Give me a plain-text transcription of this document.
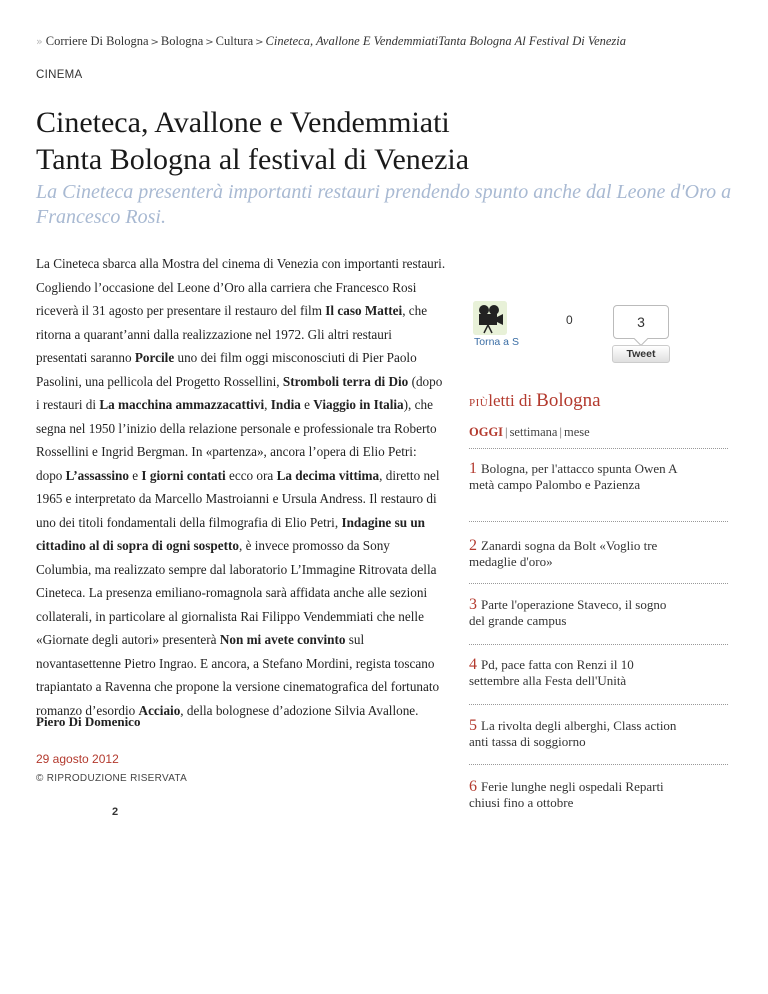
» Corriere Di Bologna > Bologna > Cultura > Cineteca, Avallone E VendemmiatiTanta Bologna Al Festival Di Venezia
CINEMA
Cineteca, Avallone e Vendemmiati
Tanta Bologna al festival di Venezia

La Cineteca presenterà importanti restauri prendendo spunto anche dal Leone d'Oro a Francesco Rosi.

La Cineteca sbarca alla Mostra del cinema di Venezia con importanti restauri. Cogliendo l’occasione del Leone d’Oro alla carriera che Francesco Rosi riceverà il 31 agosto per presentare il restauro del film Il caso Mattei, che ritorna a quarant’anni dalla realizzazione nel 1972. Gli altri restauri presentati saranno Porcile uno dei film oggi misconosciuti di Pier Paolo Pasolini, una pellicola del Progetto Rossellini, Stromboli terra di Dio (dopo i restauri di La macchina ammazzacattivi, India e Viaggio in Italia), che segna nel 1950 l’inizio della relazione personale e professionale tra Roberto Rossellini e Ingrid Bergman. In «partenza», ancora l’opera di Elio Petri: dopo L’assassino e I giorni contati ecco ora La decima vittima, diretto nel 1965 e interpretato da Marcello Mastroianni e Ursula Andress. Il restauro di uno dei titoli fondamentali della filmografia di Elio Petri, Indagine su un cittadino al di sopra di ogni sospetto, è invece promosso da Sony Columbia, ma realizzato sempre dal laboratorio L’Immagine Ritrovata della Cineteca. La presenza emiliano-romagnola sarà affidata anche alle sezioni collaterali, in particolare al giornalista Rai Filippo Vendemmiati che nelle «Giornate degli autori» presenterà Non mi avete convinto sul novantasettenne Pietro Ingrao. E ancora, a Stefano Mordini, regista toscano trapiantato a Ravenna che propone la versione cinematografica del fortunato romanzo d’esordio Acciaio, della bolognese d’adozione Silvia Avallone.
Piero Di Domenico
29 agosto 2012
© RIPRODUZIONE RISERVATA
2
Torna a S
0	3
Tweet
PIÙletti di Bologna
OGGI | settimana | mese
1 Bologna, per l'attacco spunta Owen A metà campo Palombo e Pazienza
2 Zanardi sogna da Bolt «Voglio tre medaglie d'oro»
3 Parte l'operazione Staveco, il sogno del grande campus
4 Pd, pace fatta con Renzi il 10 settembre alla Festa dell'Unità
5 La rivolta degli alberghi, Class action anti tassa di soggiorno
6 Ferie lunghe negli ospedali Reparti chiusi fino a ottobre
